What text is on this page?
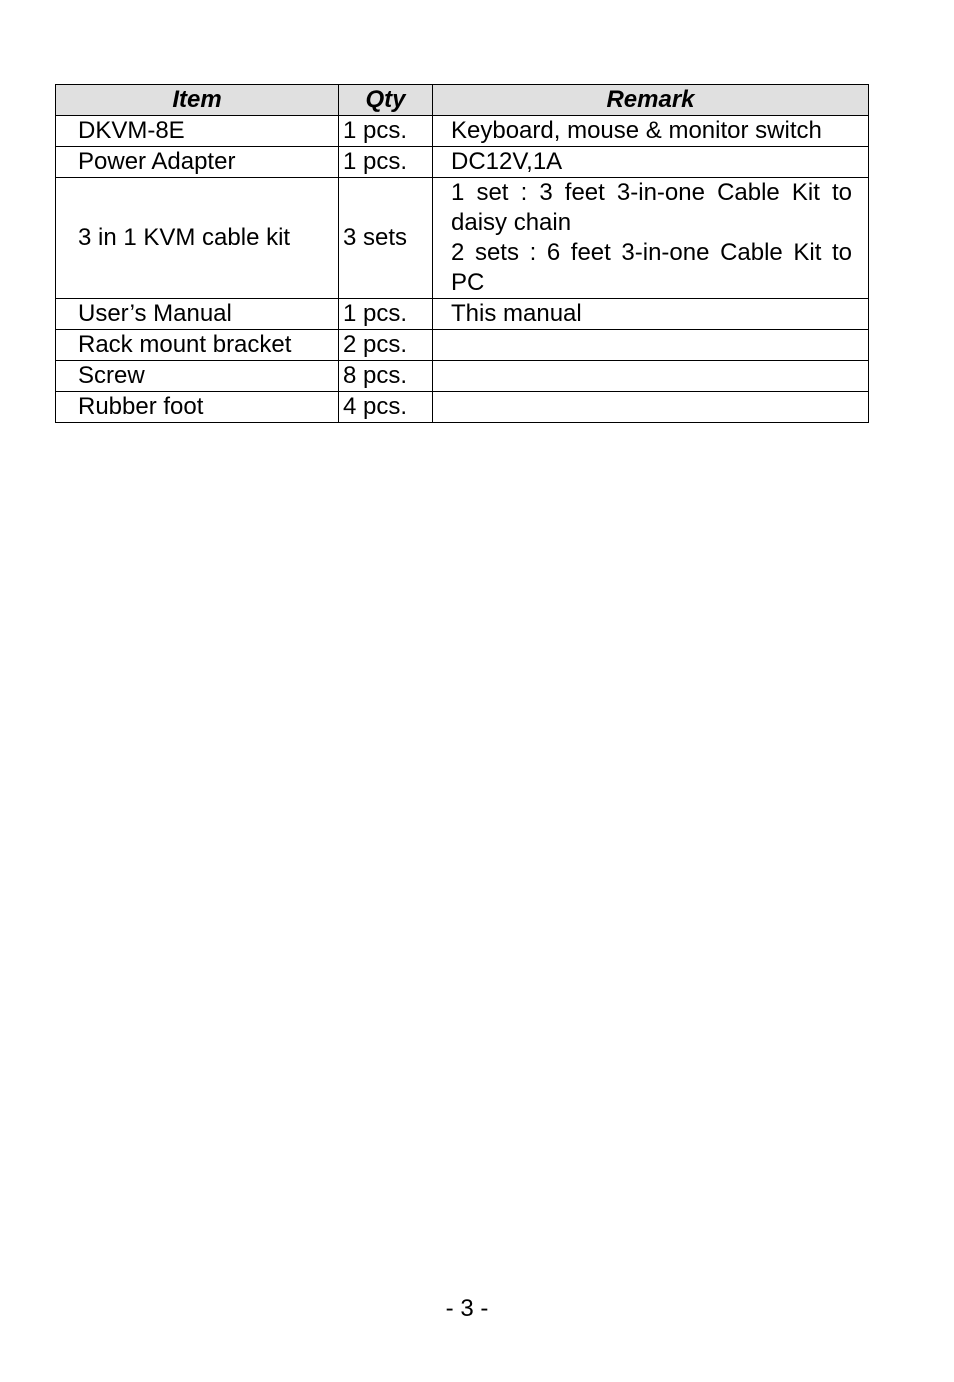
Item	Qty	Remark
DKVM-8E	1 pcs.	Keyboard, mouse & monitor switch
Power Adapter	1 pcs.	DC12V,1A
3 in 1 KVM cable kit	3 sets	1 set : 3 feet 3-in-one Cable Kit to daisy chain
2 sets : 6 feet 3-in-one Cable Kit to PC

User’s Manual	1 pcs.	This manual
Rack mount bracket	2 pcs.	
Screw	8 pcs.	
Rubber foot	4 pcs.	
- 3 -
